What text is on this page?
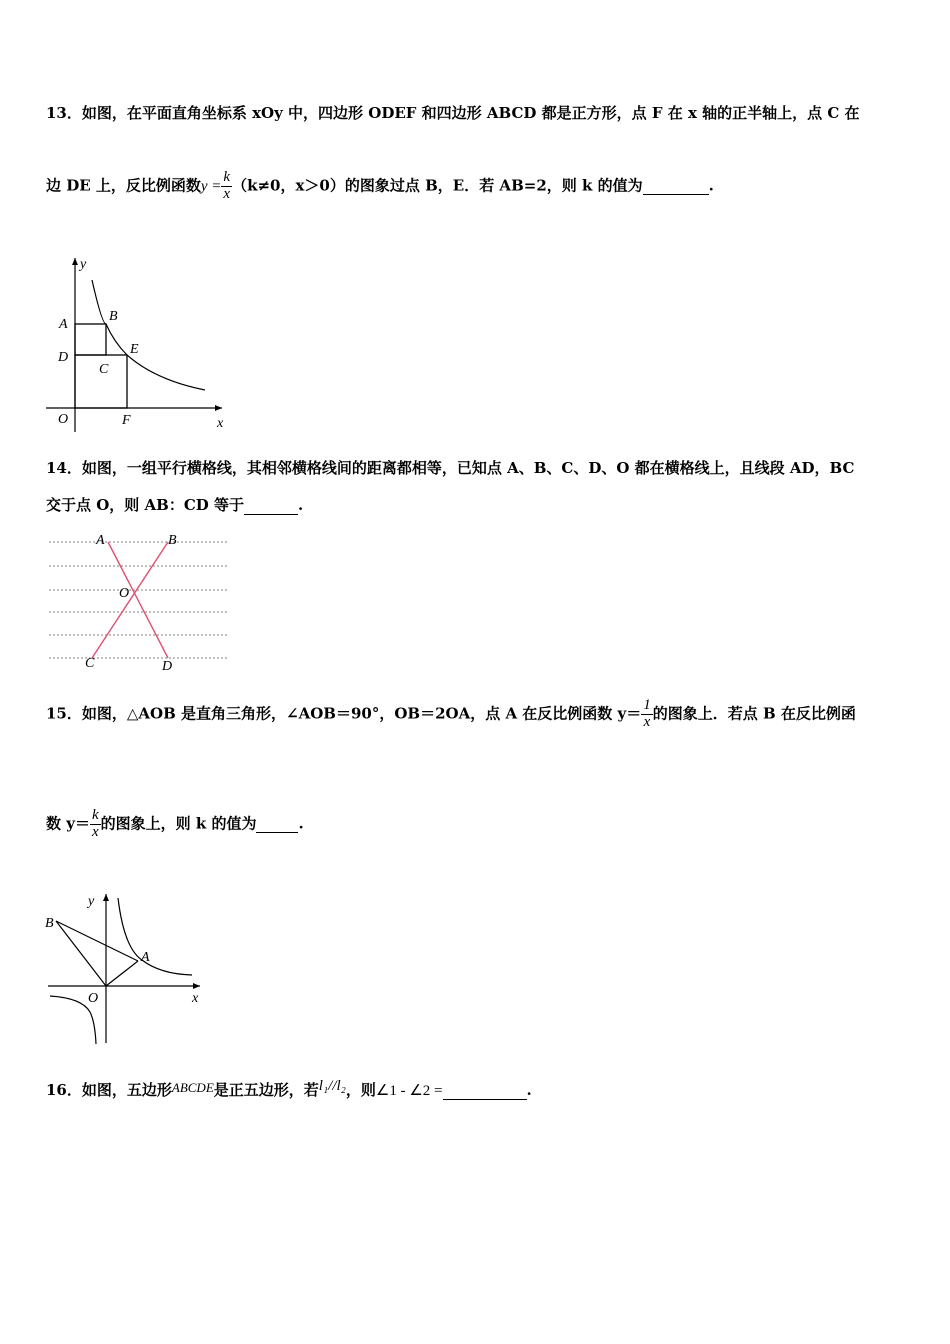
13．如图，在平面直角坐标系 xOy 中，四边形 ODEF 和四边形 ABCD 都是正方形，点 F 在 x 轴的正半轴上，点 C 在
边 DE 上，反比例函数$y = \frac{k}{x} (k\ne 0$，x＞0）的图象过点 B，E．若 AB=2，则 k 的值为	.
y
x
A
B
D
E
C
O	F
14．如图，一组平行横格线，其相邻横格线间的距离都相等，已知点 A、B、C、D、O 都在横格线上，且线段 AD，BC
交于点 O，则 AB：CD 等于	.
A	B
O
C	D
15．如图，△AOB 是直角三角形，∠AOB＝90°，OB＝2OA，点 A 在反比例函数 $y= \frac{1}{x}$ 的图象上．若点 B 在反比例函
数 $y= \frac{k}{x}$ 的图象上，则 k 的值为	.
y
B
A
O	x
16．如图，五边形ABCDE是正五边形，若l₁//l₂，则∠1 - ∠2 =	.
